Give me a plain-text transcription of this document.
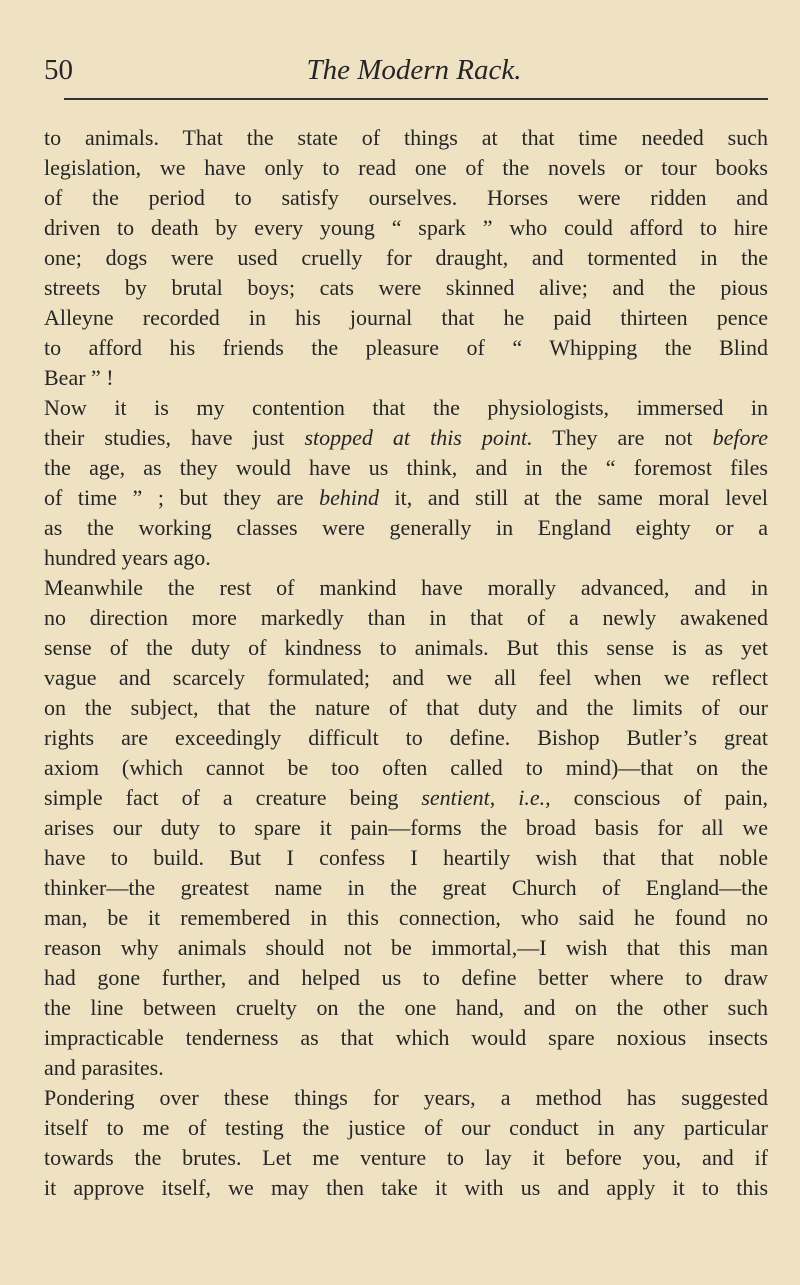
50	The Modern Rack.

to animals. That the state of things at that time needed such
legislation, we have only to read one of the novels or tour books
of the period to satisfy ourselves. Horses were ridden and
driven to death by every young “ spark ” who could afford to hire
one; dogs were used cruelly for draught, and tormented in the
streets by brutal boys; cats were skinned alive; and the pious
Alleyne recorded in his journal that he paid thirteen pence
to afford his friends the pleasure of “ Whipping the Blind
Bear ” !

Now it is my contention that the physiologists, immersed in
their studies, have just stopped at this point. They are not before
the age, as they would have us think, and in the “ foremost files
of time ” ; but they are behind it, and still at the same moral level
as the working classes were generally in England eighty or a
hundred years ago.

Meanwhile the rest of mankind have morally advanced, and in
no direction more markedly than in that of a newly awakened
sense of the duty of kindness to animals. But this sense is as yet
vague and scarcely formulated; and we all feel when we reflect
on the subject, that the nature of that duty and the limits of our
rights are exceedingly difficult to define. Bishop Butler’s great
axiom (which cannot be too often called to mind)—that on the
simple fact of a creature being sentient, i.e., conscious of pain,
arises our duty to spare it pain—forms the broad basis for all we
have to build. But I confess I heartily wish that that noble
thinker—the greatest name in the great Church of England—the
man, be it remembered in this connection, who said he found no
reason why animals should not be immortal,—I wish that this man
had gone further, and helped us to define better where to draw
the line between cruelty on the one hand, and on the other such
impracticable tenderness as that which would spare noxious insects
and parasites.

Pondering over these things for years, a method has suggested
itself to me of testing the justice of our conduct in any particular
towards the brutes. Let me venture to lay it before you, and if
it approve itself, we may then take it with us and apply it to this
